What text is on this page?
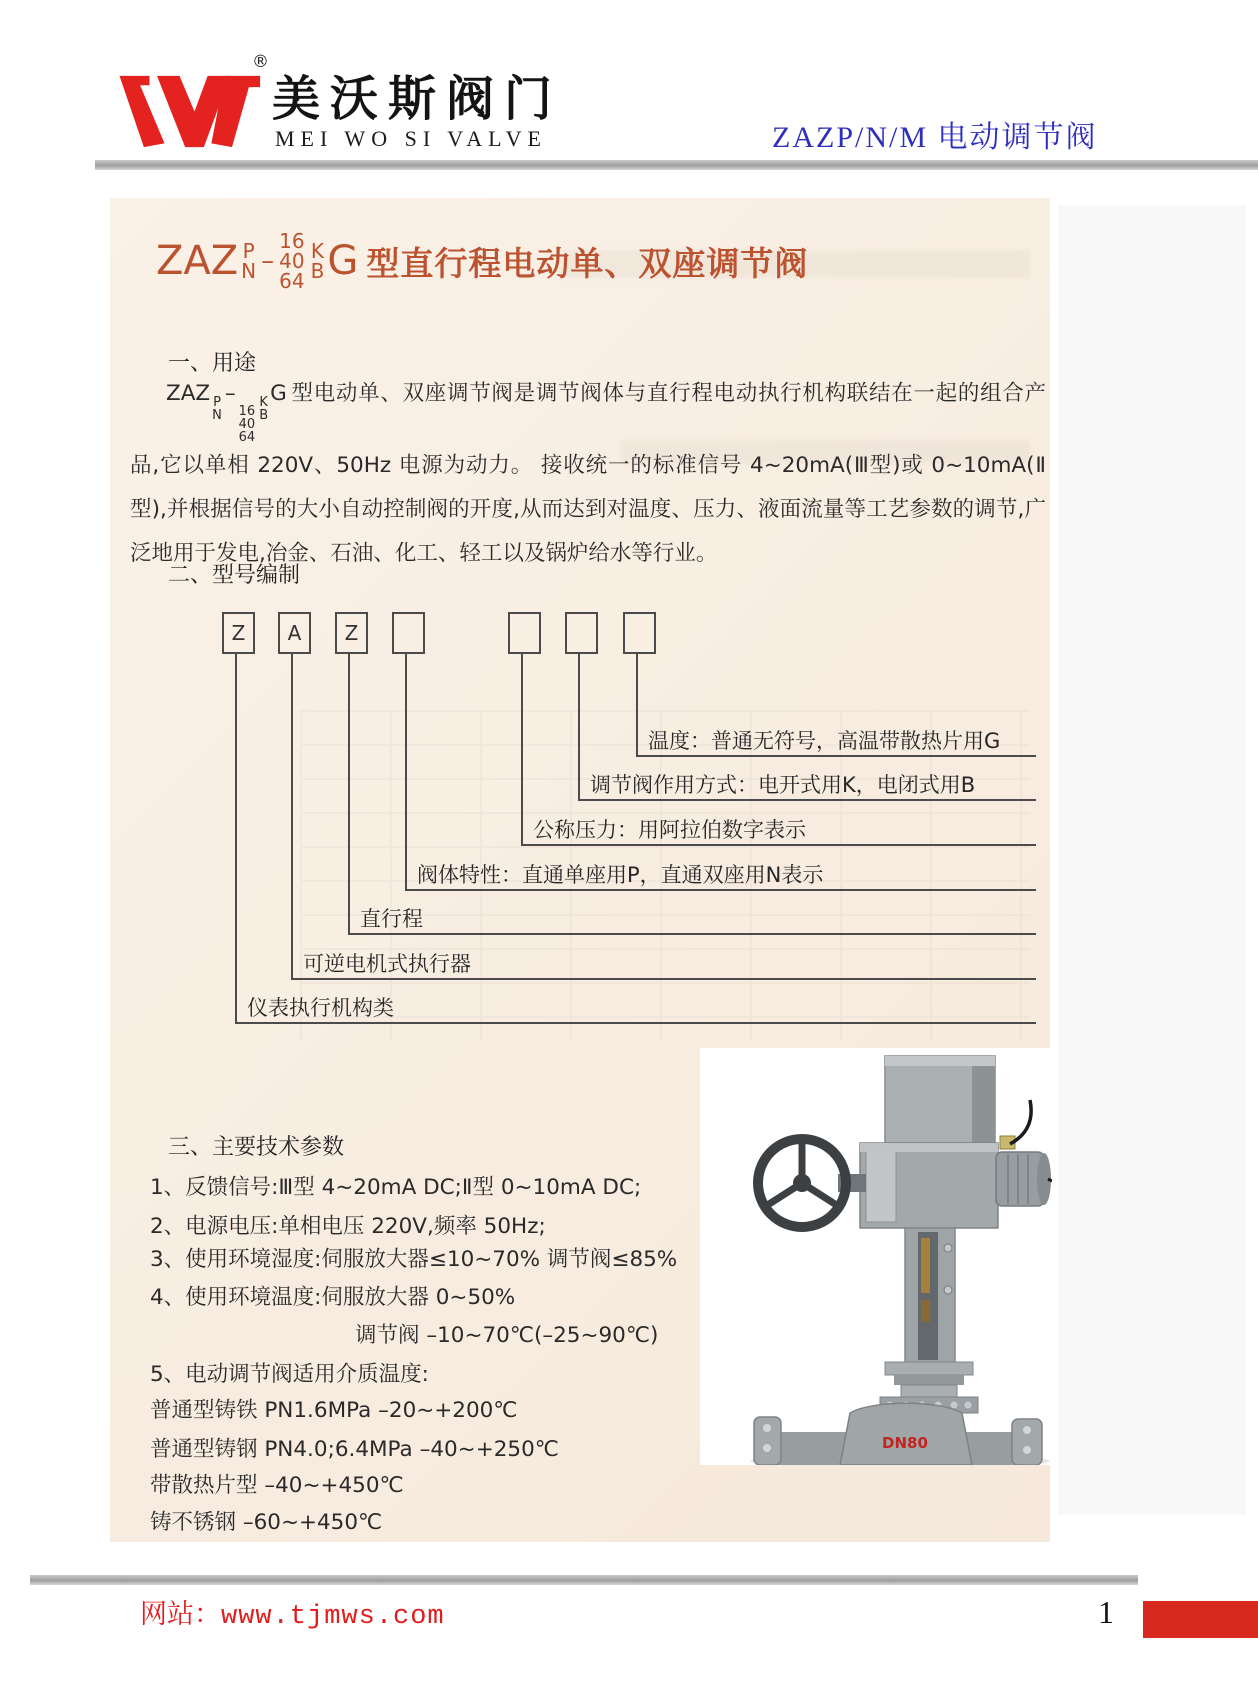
®
美沃斯阀门
MEI WO SI VALVE	ZAZP/N/M 电动调节阀
ZAZ P
N –
16
40
64
K
B G 型直行程电动单、双座调节阀
一、用途
ZAZ P
N
–
16
40
64
K
B
G 型电动单、双座调节阀是调节阀体与直行程电动执行机构联结在一起的组合产品,它以单相 220V、50Hz 电源为动力。 接收统一的标准信号 4~20mA(Ⅲ型)或 0~10mA(Ⅱ型),并根据信号的大小自动控制阀的开度,从而达到对温度、压力、液面流量等工艺参数的调节,广泛地用于发电,冶金、石油、化工、轻工以及锅炉给水等行业。
二、型号编制
Z	A	Z
仪表执行机构类
可逆电机式执行器
直行程
阀体特性：直通单座用P，直通双座用N表示
公称压力：用阿拉伯数字表示
调节阀作用方式：电开式用K，电闭式用B
温度：普通无符号，高温带散热片用G
三、主要技术参数
1、反馈信号:Ⅲ型 4~20mA DC;Ⅱ型 0~10mA DC;
2、电源电压:单相电压 220V,频率 50Hz;
3、使用环境湿度:伺服放大器≤10~70% 调节阀≤85%
4、使用环境温度:伺服放大器 0~50%
调节阀 –10~70℃(–25~90℃)
5、电动调节阀适用介质温度:
普通型铸铁 PN1.6MPa –20~+200℃
普通型铸钢 PN4.0;6.4MPa –40~+250℃
带散热片型 –40~+450℃
铸不锈钢 –60~+450℃
DN80
网站：www.tjmws.com	1
